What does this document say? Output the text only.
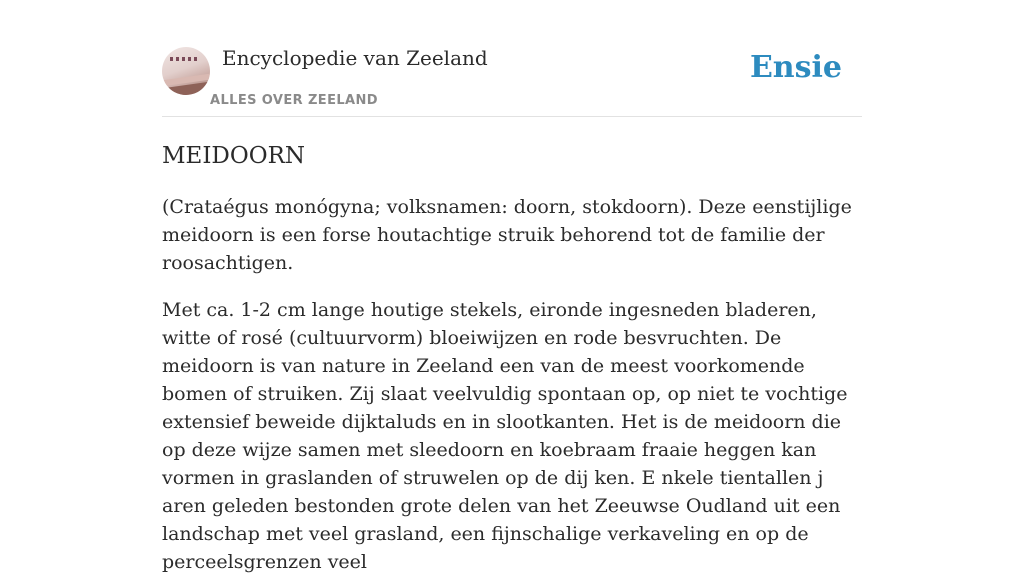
Encyclopedie van Zeeland
ALLES OVER ZEELAND
Ensie
MEIDOORN

(Crataégus monógyna; volksnamen: doorn, stokdoorn). Deze eenstijlige meidoorn is een forse houtachtige struik behorend tot de familie der roosachtigen.

Met ca. 1-2 cm lange houtige stekels, eironde ingesneden bladeren, witte of rosé (cultuurvorm) bloeiwijzen en rode besvruchten. De meidoorn is van nature in Zeeland een van de meest voorkomende bomen of struiken. Zij slaat veelvuldig spontaan op, op niet te vochtige extensief beweide dijktaluds en in slootkanten. Het is de meidoorn die op deze wijze samen met sleedoorn en koebraam fraaie heggen kan vormen in graslanden of struwelen op de dij ken. E nkele tientallen j aren geleden bestonden grote delen van het Zeeuwse Oudland uit een landschap met veel grasland, een fijnschalige verkaveling en op de perceelsgrenzen veel
